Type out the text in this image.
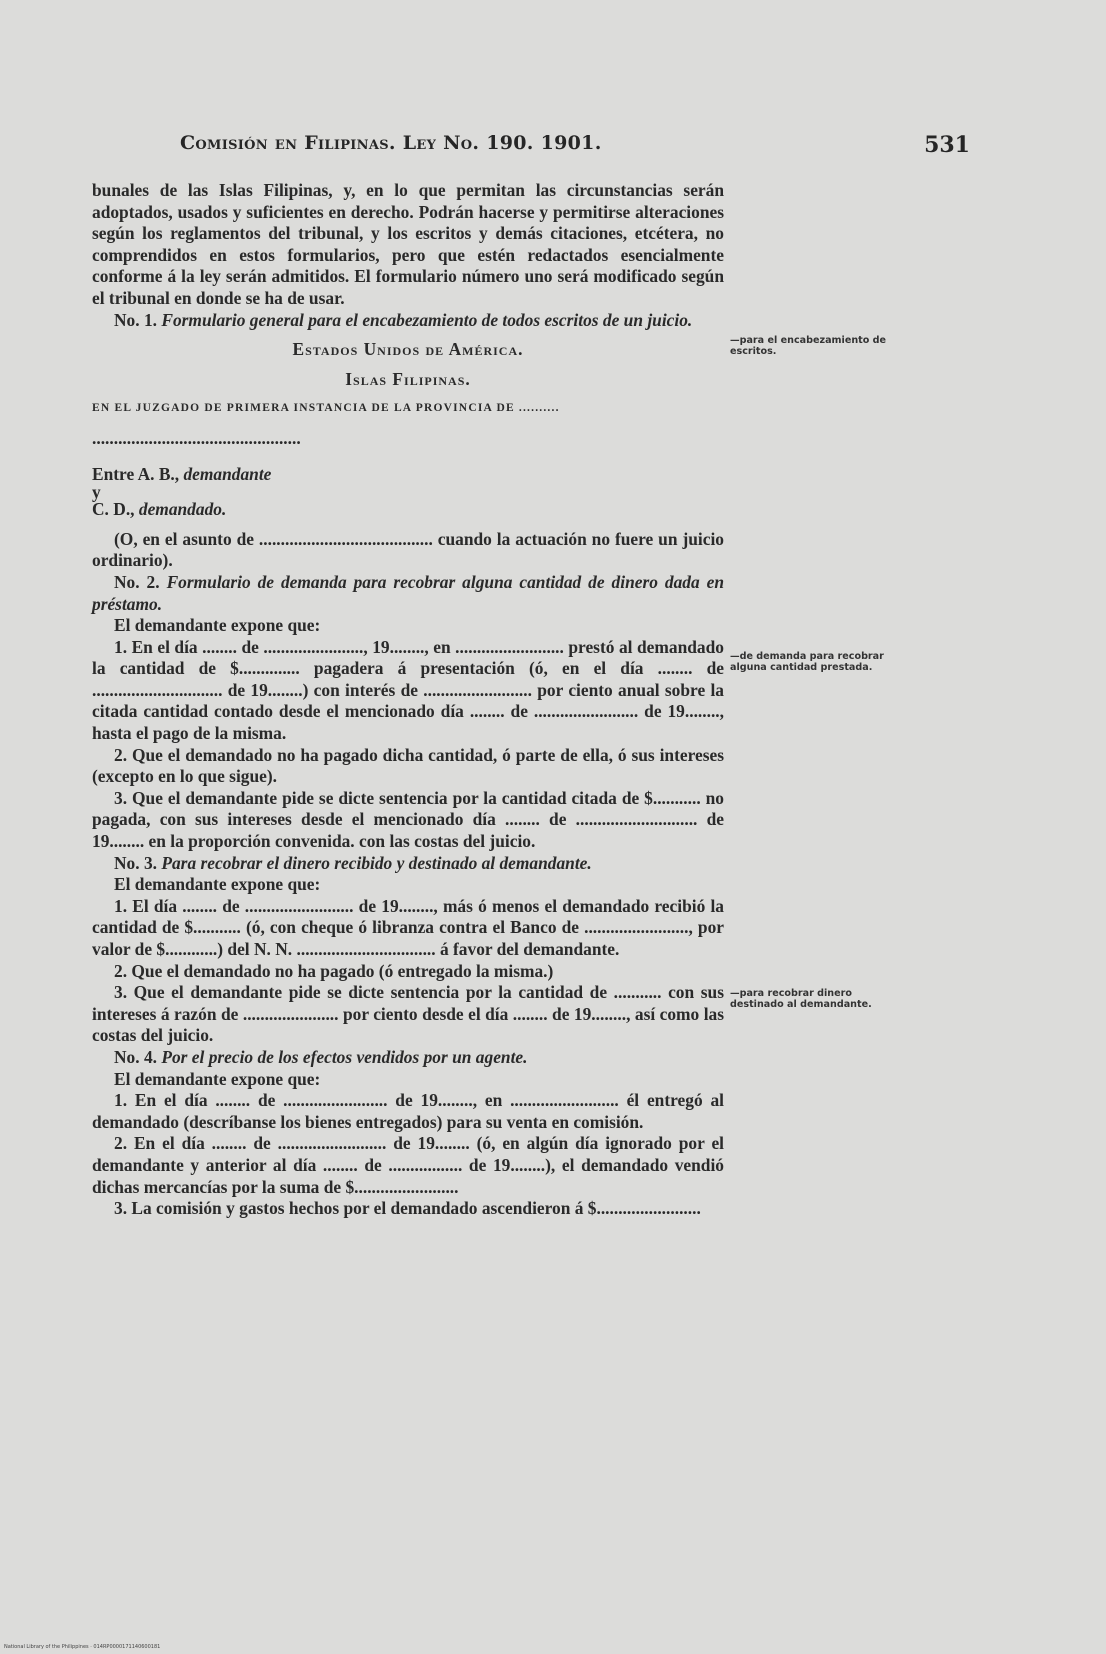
Comisión en Filipinas. Ley No. 190. 1901.	531

bunales de las Islas Filipinas, y, en lo que permitan las circunstancias serán adoptados, usados y suficientes en derecho. Podrán hacerse y permitirse alteraciones según los reglamentos del tribunal, y los escritos y demás citaciones, etcétera, no comprendidos en estos formularios, pero que estén redactados esencialmente conforme á la ley serán admitidos. El formulario número uno será modificado según el tribunal en donde se ha de usar.

No. 1. Formulario general para el encabezamiento de todos escritos de un juicio.

Estados Unidos de América.

Islas Filipinas.

EN EL JUZGADO DE PRIMERA INSTANCIA DE LA PROVINCIA DE ..........

................................................

Entre A. B., demandante

y

C. D., demandado.

(O, en el asunto de ........................................ cuando la actuación no fuere un juicio ordinario).

No. 2. Formulario de demanda para recobrar alguna cantidad de dinero dada en préstamo.

El demandante expone que:

1. En el día ........ de ......................., 19........, en ......................... prestó al demandado la cantidad de $.............. pagadera á presentación (ó, en el día ........ de .............................. de 19........) con interés de ......................... por ciento anual sobre la citada cantidad contado desde el mencionado día ........ de ........................ de 19........, hasta el pago de la misma.

2. Que el demandado no ha pagado dicha cantidad, ó parte de ella, ó sus intereses (excepto en lo que sigue).

3. Que el demandante pide se dicte sentencia por la cantidad citada de $........... no pagada, con sus intereses desde el mencionado día ........ de ............................ de 19........ en la proporción convenida. con las costas del juicio.

No. 3. Para recobrar el dinero recibido y destinado al demandante.

El demandante expone que:

1. El día ........ de ......................... de 19........, más ó menos el demandado recibió la cantidad de $........... (ó, con cheque ó libranza contra el Banco de ........................, por valor de $............) del N. N. ................................ á favor del demandante.

2. Que el demandado no ha pagado (ó entregado la misma.)

3. Que el demandante pide se dicte sentencia por la cantidad de ........... con sus intereses á razón de ...................... por ciento desde el día ........ de 19........, así como las costas del juicio.

No. 4. Por el precio de los efectos vendidos por un agente.

El demandante expone que:

1. En el día ........ de ........................ de 19........, en ......................... él entregó al demandado (descríbanse los bienes entregados) para su venta en comisión.

2. En el día ........ de ......................... de 19........ (ó, en algún día ignorado por el demandante y anterior al día ........ de ................. de 19........), el demandado vendió dichas mercancías por la suma de $........................

3. La comisión y gastos hechos por el demandado ascendieron á $........................

—para el encabezamiento de escritos.
—de demanda para recobrar alguna cantidad prestada.
—para recobrar dinero destinado al demandante.
National Library of the Philippines · 014RP0000171140600181
